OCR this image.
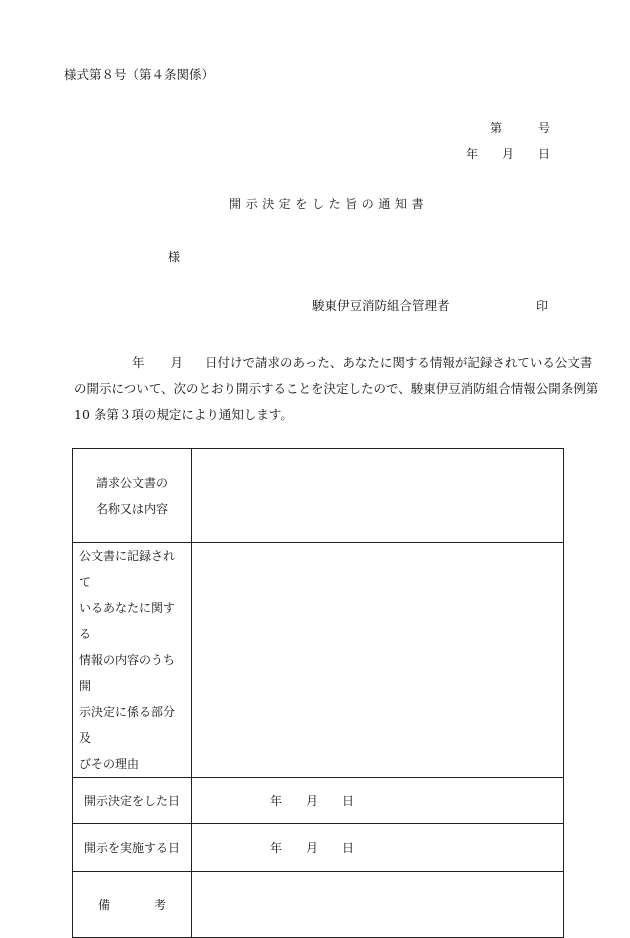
様式第８号（第４条関係）
第	号
年 月 日
開示決定をした旨の通知書
様
駿東伊豆消防組合管理者	印
年 月 日付けで請求のあった、あなたに関する情報が記録されている公文書
の開示について、次のとおり開示することを決定したので、駿東伊豆消防組合情報公開条例第
10 条第３項の規定により通知します。
請求公文書の
名称又は内容	

公文書に記録されて
いるあなたに関する
情報の内容のうち開
示決定に係る部分及
びその理由	

開示決定をした日	年 月 日
開示を実施する日	年 月 日
備 考	
